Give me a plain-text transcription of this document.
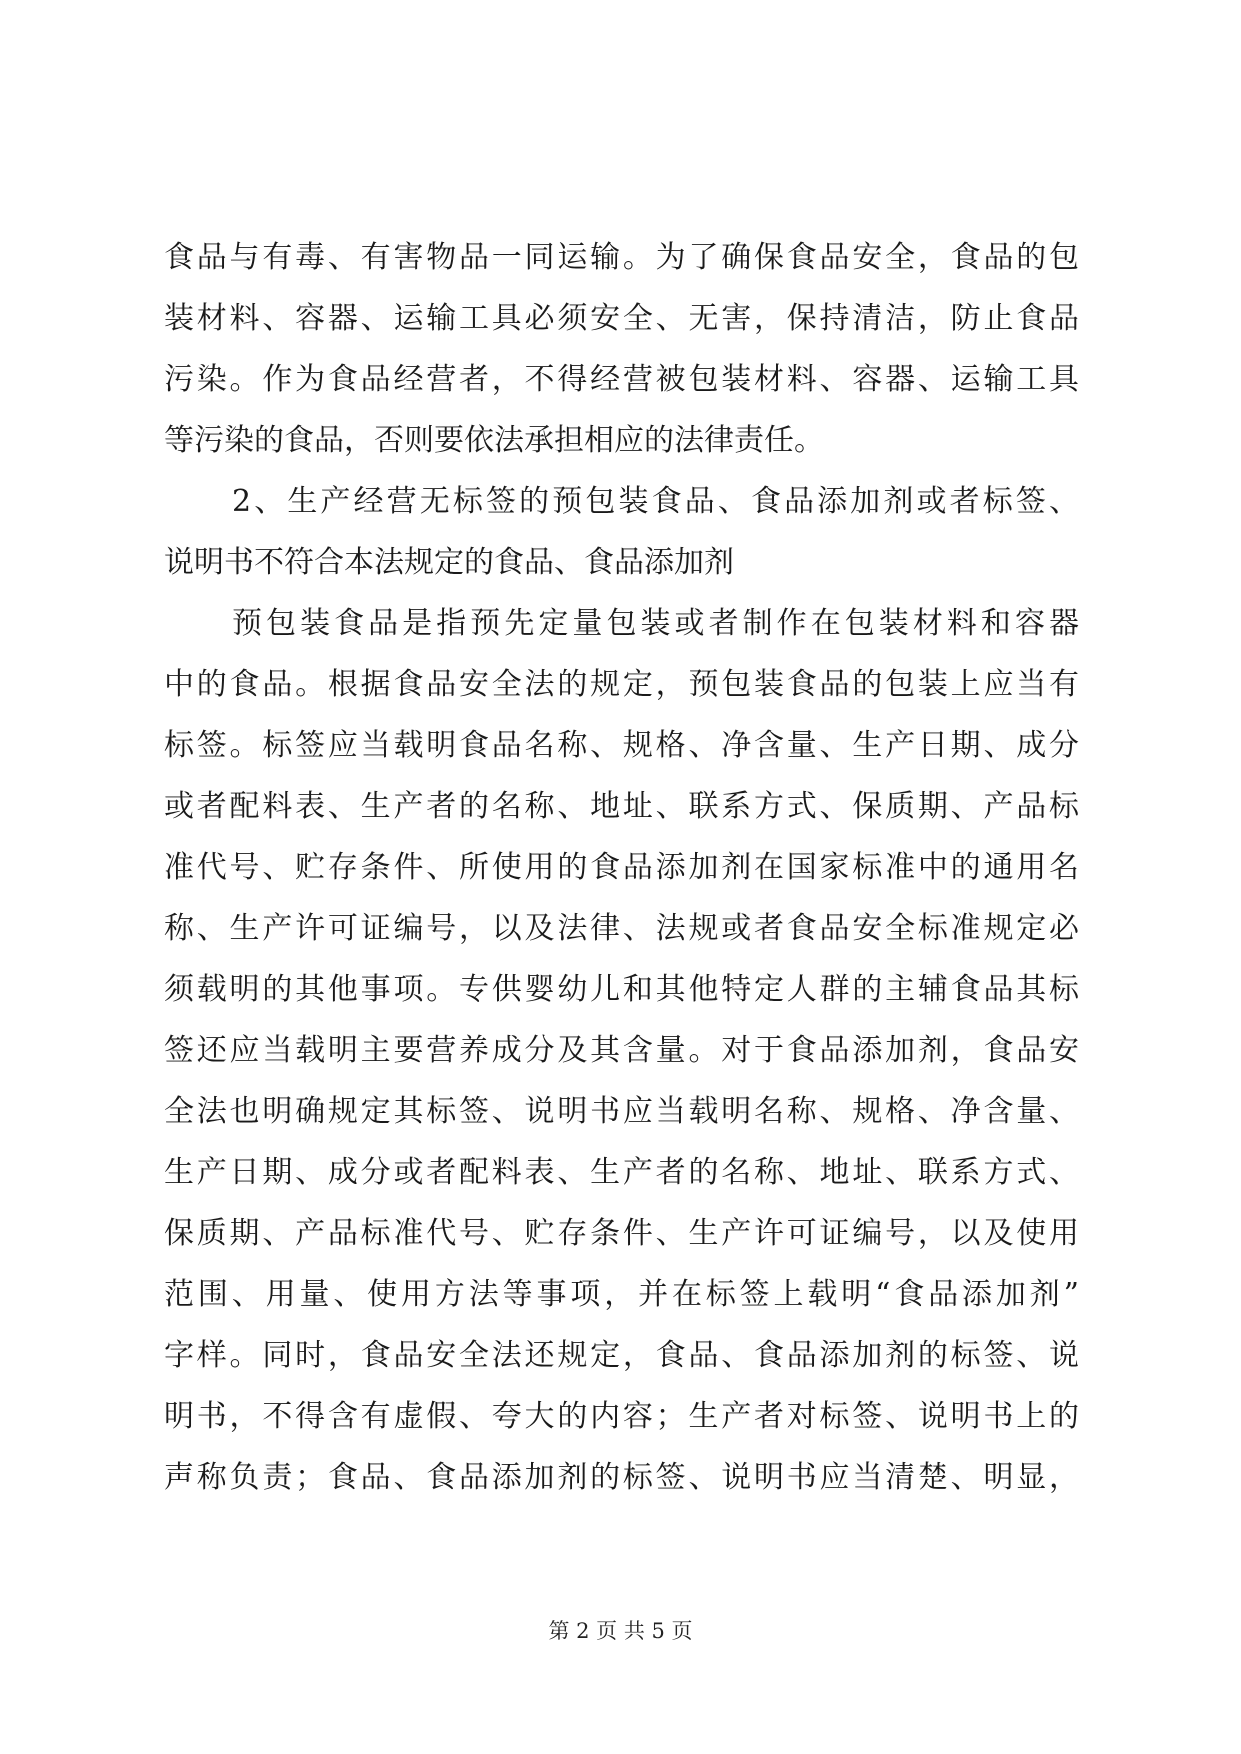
食品与有毒、有害物品一同运输。为了确保食品安全，食品的包
装材料、容器、运输工具必须安全、无害，保持清洁，防止食品
污染。作为食品经营者，不得经营被包装材料、容器、运输工具
等污染的食品，否则要依法承担相应的法律责任。
2、生产经营无标签的预包装食品、食品添加剂或者标签、
说明书不符合本法规定的食品、食品添加剂
预包装食品是指预先定量包装或者制作在包装材料和容器
中的食品。根据食品安全法的规定，预包装食品的包装上应当有
标签。标签应当载明食品名称、规格、净含量、生产日期、成分
或者配料表、生产者的名称、地址、联系方式、保质期、产品标
准代号、贮存条件、所使用的食品添加剂在国家标准中的通用名
称、生产许可证编号，以及法律、法规或者食品安全标准规定必
须载明的其他事项。专供婴幼儿和其他特定人群的主辅食品其标
签还应当载明主要营养成分及其含量。对于食品添加剂，食品安
全法也明确规定其标签、说明书应当载明名称、规格、净含量、
生产日期、成分或者配料表、生产者的名称、地址、联系方式、
保质期、产品标准代号、贮存条件、生产许可证编号，以及使用
范围、用量、使用方法等事项，并在标签上载明“食品添加剂”
字样。同时，食品安全法还规定，食品、食品添加剂的标签、说
明书，不得含有虚假、夸大的内容；生产者对标签、说明书上的
声称负责；食品、食品添加剂的标签、说明书应当清楚、明显，
第 2 页 共 5 页
